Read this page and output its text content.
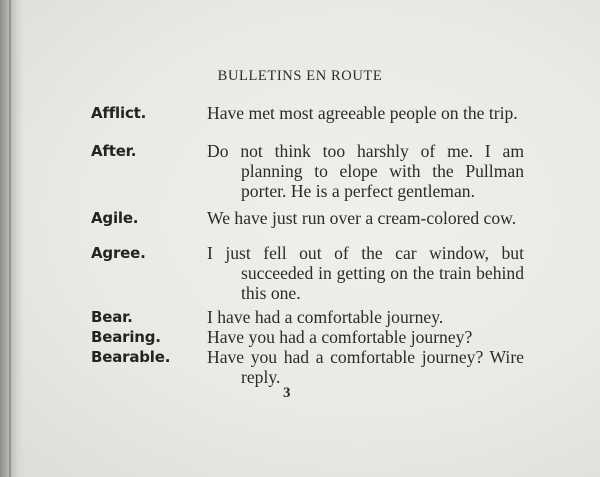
BULLETINS EN ROUTE
Afflict.	Have met most agreeable people on the trip.
After.	Do not think too harshly of me. I am planning to elope with the Pullman porter. He is a perfect gentleman.
Agile.	We have just run over a cream-colored cow.
Agree.	I just fell out of the car window, but succeeded in getting on the train behind this one.
Bear.	I have had a comfortable journey.
Bearing.	Have you had a comfortable journey?
Bearable. Have you had a comfortable journey? Wire reply.
3
